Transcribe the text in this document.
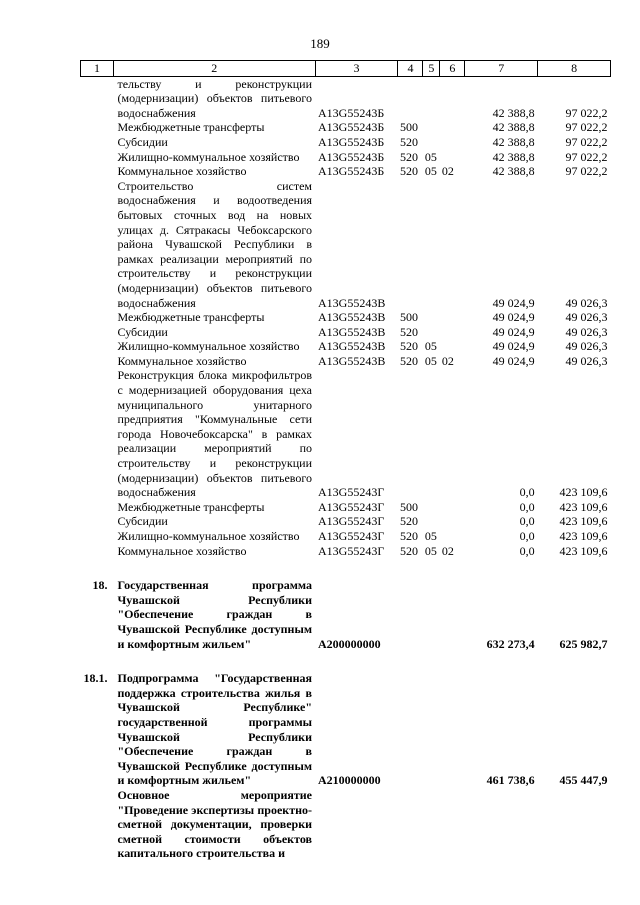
189
1	2	3	4	5	6	7	8
	тельству и реконструкции (модернизации) объектов питьевого водоснабжения	А13G55243Б				42 388,8	97 022,2
	Межбюджетные трансферты	А13G55243Б	500			42 388,8	97 022,2
	Субсидии	А13G55243Б	520			42 388,8	97 022,2
	Жилищно-коммунальное хозяйство	А13G55243Б	520	05		42 388,8	97 022,2
	Коммунальное хозяйство	А13G55243Б	520	05	02	42 388,8	97 022,2
	Строительство систем водоснабжения и водоотведения бытовых сточных вод на новых улицах д. Сятракасы Чебоксарского района Чувашской Республики в рамках реализации мероприятий по строительству и реконструкции (модернизации) объектов питьевого водоснабжения	А13G55243В				49 024,9	49 026,3
	Межбюджетные трансферты	А13G55243В	500			49 024,9	49 026,3
	Субсидии	А13G55243В	520			49 024,9	49 026,3
	Жилищно-коммунальное хозяйство	А13G55243В	520	05		49 024,9	49 026,3
	Коммунальное хозяйство	А13G55243В	520	05	02	49 024,9	49 026,3
	Реконструкция блока микрофильтров с модернизацией оборудования цеха муниципального унитарного предприятия "Коммунальные сети города Новочебоксарска" в рамках реализации мероприятий по строительству и реконструкции (модернизации) объектов питьевого водоснабжения	А13G55243Г				0,0	423 109,6
	Межбюджетные трансферты	А13G55243Г	500			0,0	423 109,6
	Субсидии	А13G55243Г	520			0,0	423 109,6
	Жилищно-коммунальное хозяйство	А13G55243Г	520	05		0,0	423 109,6
	Коммунальное хозяйство	А13G55243Г	520	05	02	0,0	423 109,6

18.	Государственная программа Чувашской Республики "Обеспечение граждан в Чувашской Республике доступным и комфортным жильем"	А200000000				632 273,4	625 982,7

18.1.	Подпрограмма "Государственная поддержка строительства жилья в Чувашской Республике" государственной программы Чувашской Республики "Обеспечение граждан в Чувашской Республике доступным и комфортным жильем"	А210000000				461 738,6	455 447,9
	Основное мероприятие "Проведение экспертизы проектно-сметной документации, проверки сметной стоимости объектов капитального строительства и						
